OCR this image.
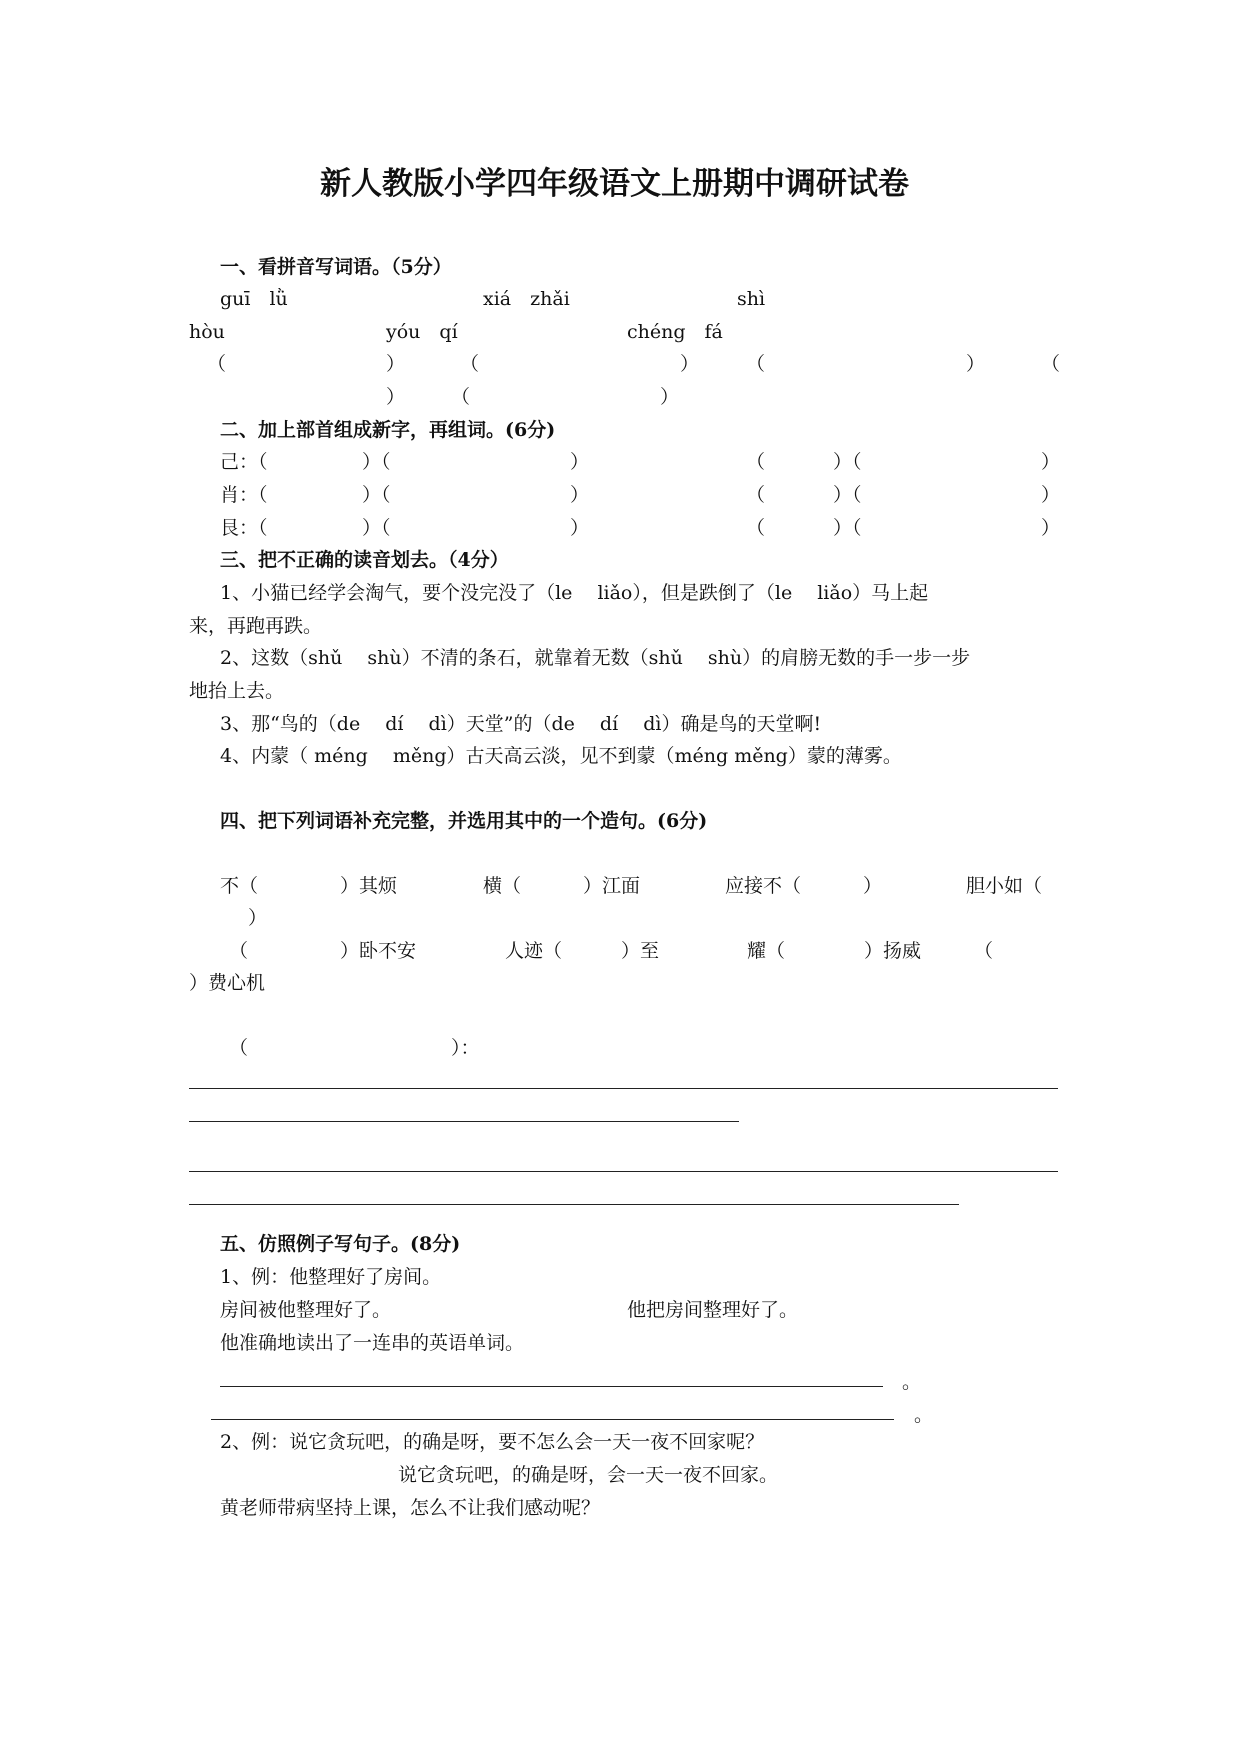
新人教版小学四年级语文上册期中调研试卷
一、看拼音写词语。（5分）
guī　lǜ	xiá　zhǎi	shì
hòu	yóu　qí	chéng　fá
（	）	（	） （	）	（
） （	）
二、加上部首组成新字，再组词。(6分)
己：（	）（	）	（	）（	）
肖：（	）（	）	（	）（	）
艮：（	）（	）	（	）（	）
三、把不正确的读音划去。（4分）
1、小猫已经学会淘气，要个没完没了（le　 liǎo），但是跌倒了（le　 liǎo）马上起
来，再跑再跌。
2、这数（shǔ　 shù）不清的条石，就靠着无数（shǔ　 shù）的肩膀无数的手一步一步
地抬上去。
3、那“鸟的（de　 dí　 dì）天堂”的（de　 dí　 dì）确是鸟的天堂啊!
4、内蒙（ méng　 měng）古天高云淡，见不到蒙（méng měng）蒙的薄雾。
四、把下列词语补充完整，并选用其中的一个造句。(6分)
不（	）其烦	横（	）江面	应接不（	）	胆小如（
）
（	）卧不安	人迹（	）至	耀（	）扬威	（
）费心机
（	）：
五、仿照例子写句子。(8分)
1、例：他整理好了房间。
房间被他整理好了。	他把房间整理好了。
他准确地读出了一连串的英语单词。
。
。
2、例：说它贪玩吧，的确是呀，要不怎么会一天一夜不回家呢？
说它贪玩吧，的确是呀，会一天一夜不回家。
黄老师带病坚持上课，怎么不让我们感动呢？
